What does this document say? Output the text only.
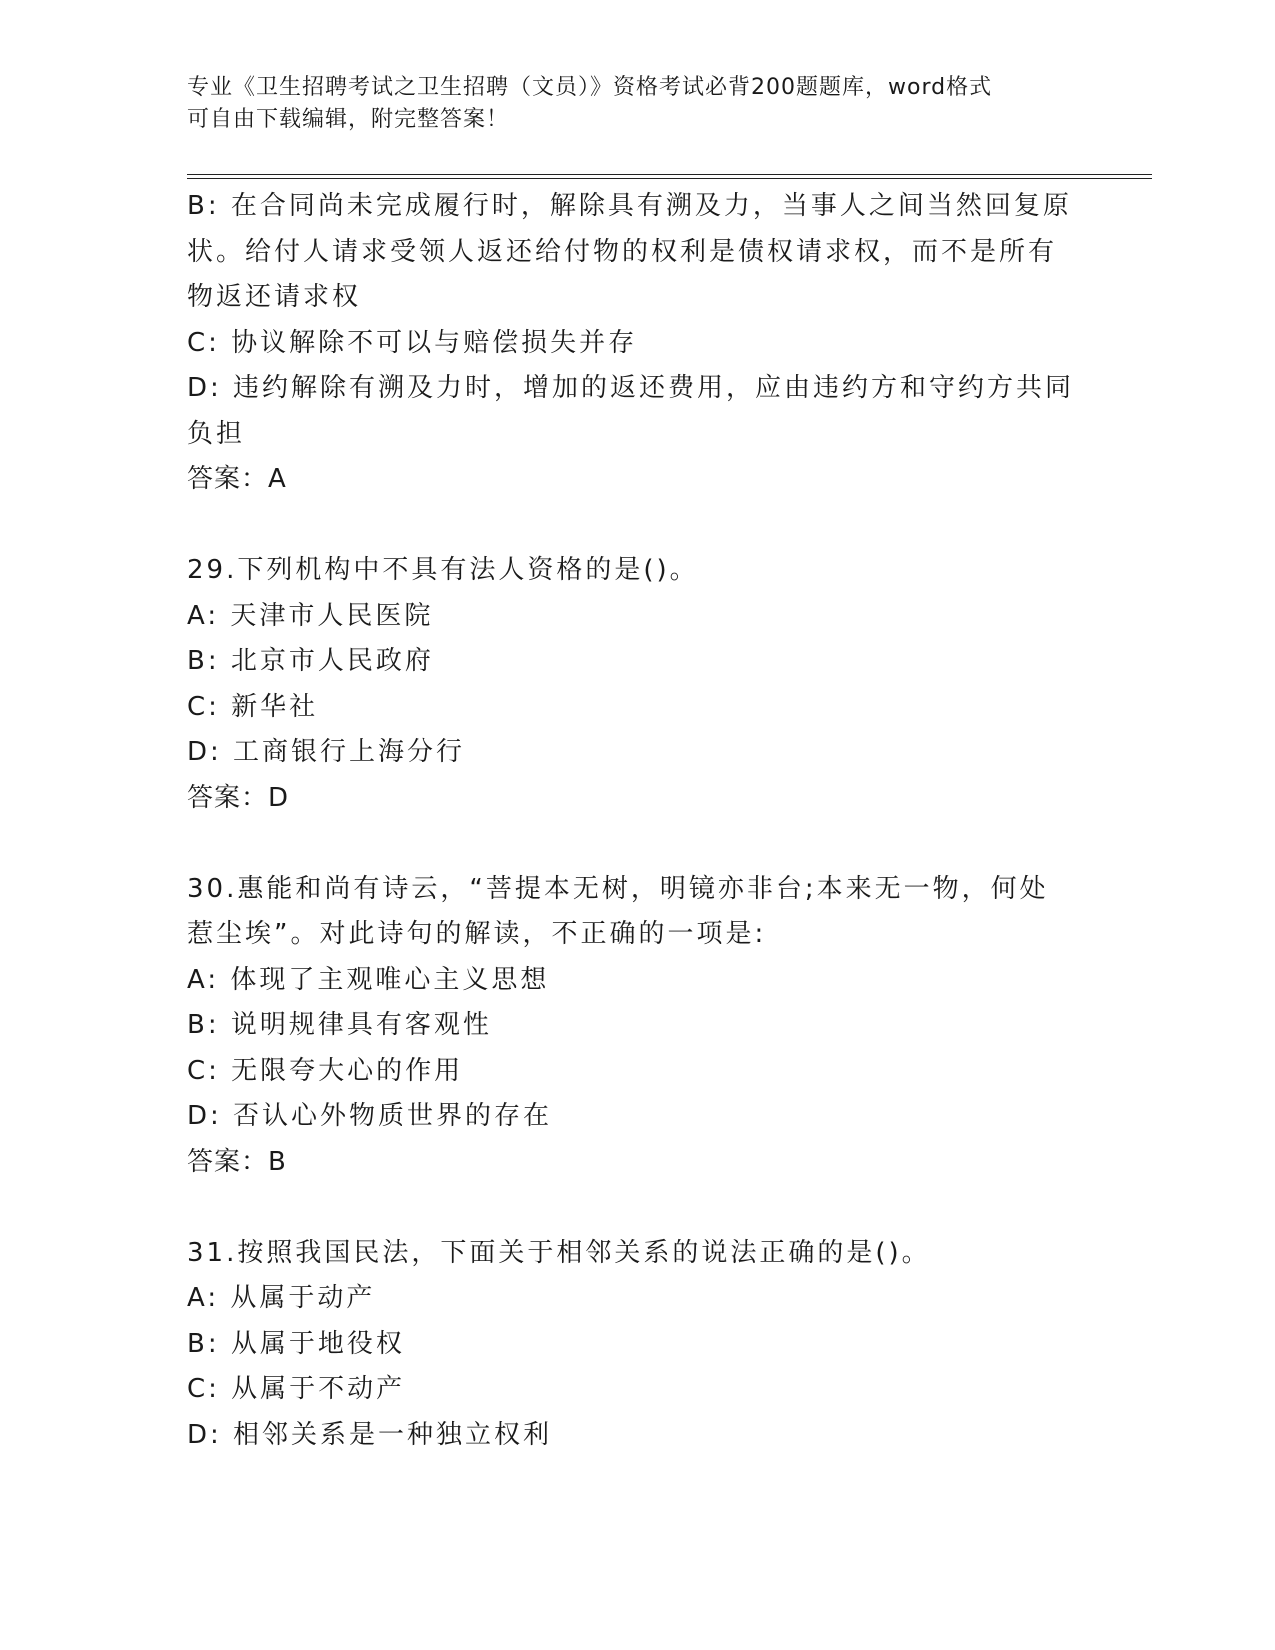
专业《卫生招聘考试之卫生招聘（文员）》资格考试必背200题题库，word格式
可自由下载编辑，附完整答案！
B: 在合同尚未完成履行时，解除具有溯及力，当事人之间当然回复原
状。给付人请求受领人返还给付物的权利是债权请求权，而不是所有
物返还请求权
C: 协议解除不可以与赔偿损失并存
D: 违约解除有溯及力时，增加的返还费用，应由违约方和守约方共同
负担
答案：A
29.下列机构中不具有法人资格的是()。
A: 天津市人民医院
B: 北京市人民政府
C: 新华社
D: 工商银行上海分行
答案：D
30.惠能和尚有诗云，“菩提本无树，明镜亦非台;本来无一物，何处
惹尘埃”。对此诗句的解读，不正确的一项是:
A: 体现了主观唯心主义思想
B: 说明规律具有客观性
C: 无限夸大心的作用
D: 否认心外物质世界的存在
答案：B
31.按照我国民法，下面关于相邻关系的说法正确的是()。
A: 从属于动产
B: 从属于地役权
C: 从属于不动产
D: 相邻关系是一种独立权利
